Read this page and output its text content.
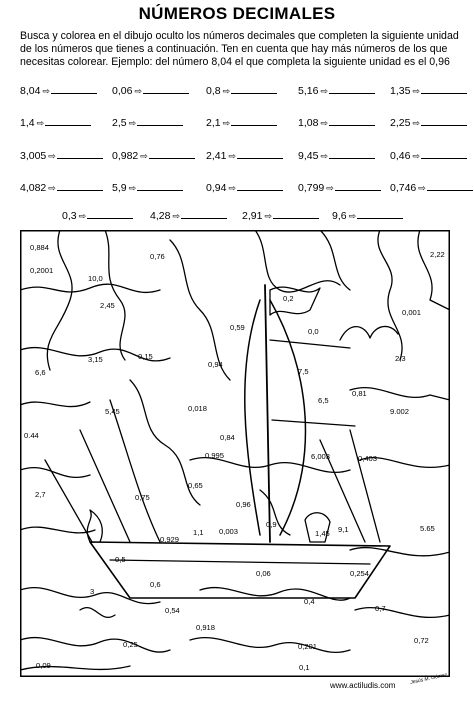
NÚMEROS DECIMALES
Busca y colorea en el dibujo oculto los números decimales que completen la siguiente unidad
de los números que tienes a continuación. Ten en cuenta que hay más números de los que
necesitas colorear. Ejemplo: del número 8,04 el que completa la siguiente unidad es el 0,96
8,04 ⇨	0,06 ⇨	0,8 ⇨	5,16 ⇨	1,35 ⇨
1,4 ⇨	2,5 ⇨	2,1 ⇨	1,08 ⇨	2,25 ⇨
3,005 ⇨	0,982 ⇨	2,41 ⇨	9,45 ⇨	0,46 ⇨
4,082 ⇨	5,9 ⇨	0,94 ⇨	0,799 ⇨	0,746 ⇨
0,3 ⇨	4,28 ⇨	2,91 ⇨	9,6 ⇨
0,884
0,2001
10,0
0,76	2,22
2,45
0,2
0,001
0,59	0,0
3,15	0,15
0,94
2,3
6,6	7,5
0,81
5,45	0,018
6,5
9.002
0.44	0,84
0,995	6,003	0,403
0,65
2,7	0,75
0,96
5.65
0,9
1,1 0,003	1,45 9,1
0,929
0,5
0,06	0,254
0,6
3
0,4
0,7
0,54
0,918
0,72
0,25	0,201
0,09	0,1
www.actiludis.com	Jesús M. Gómez
